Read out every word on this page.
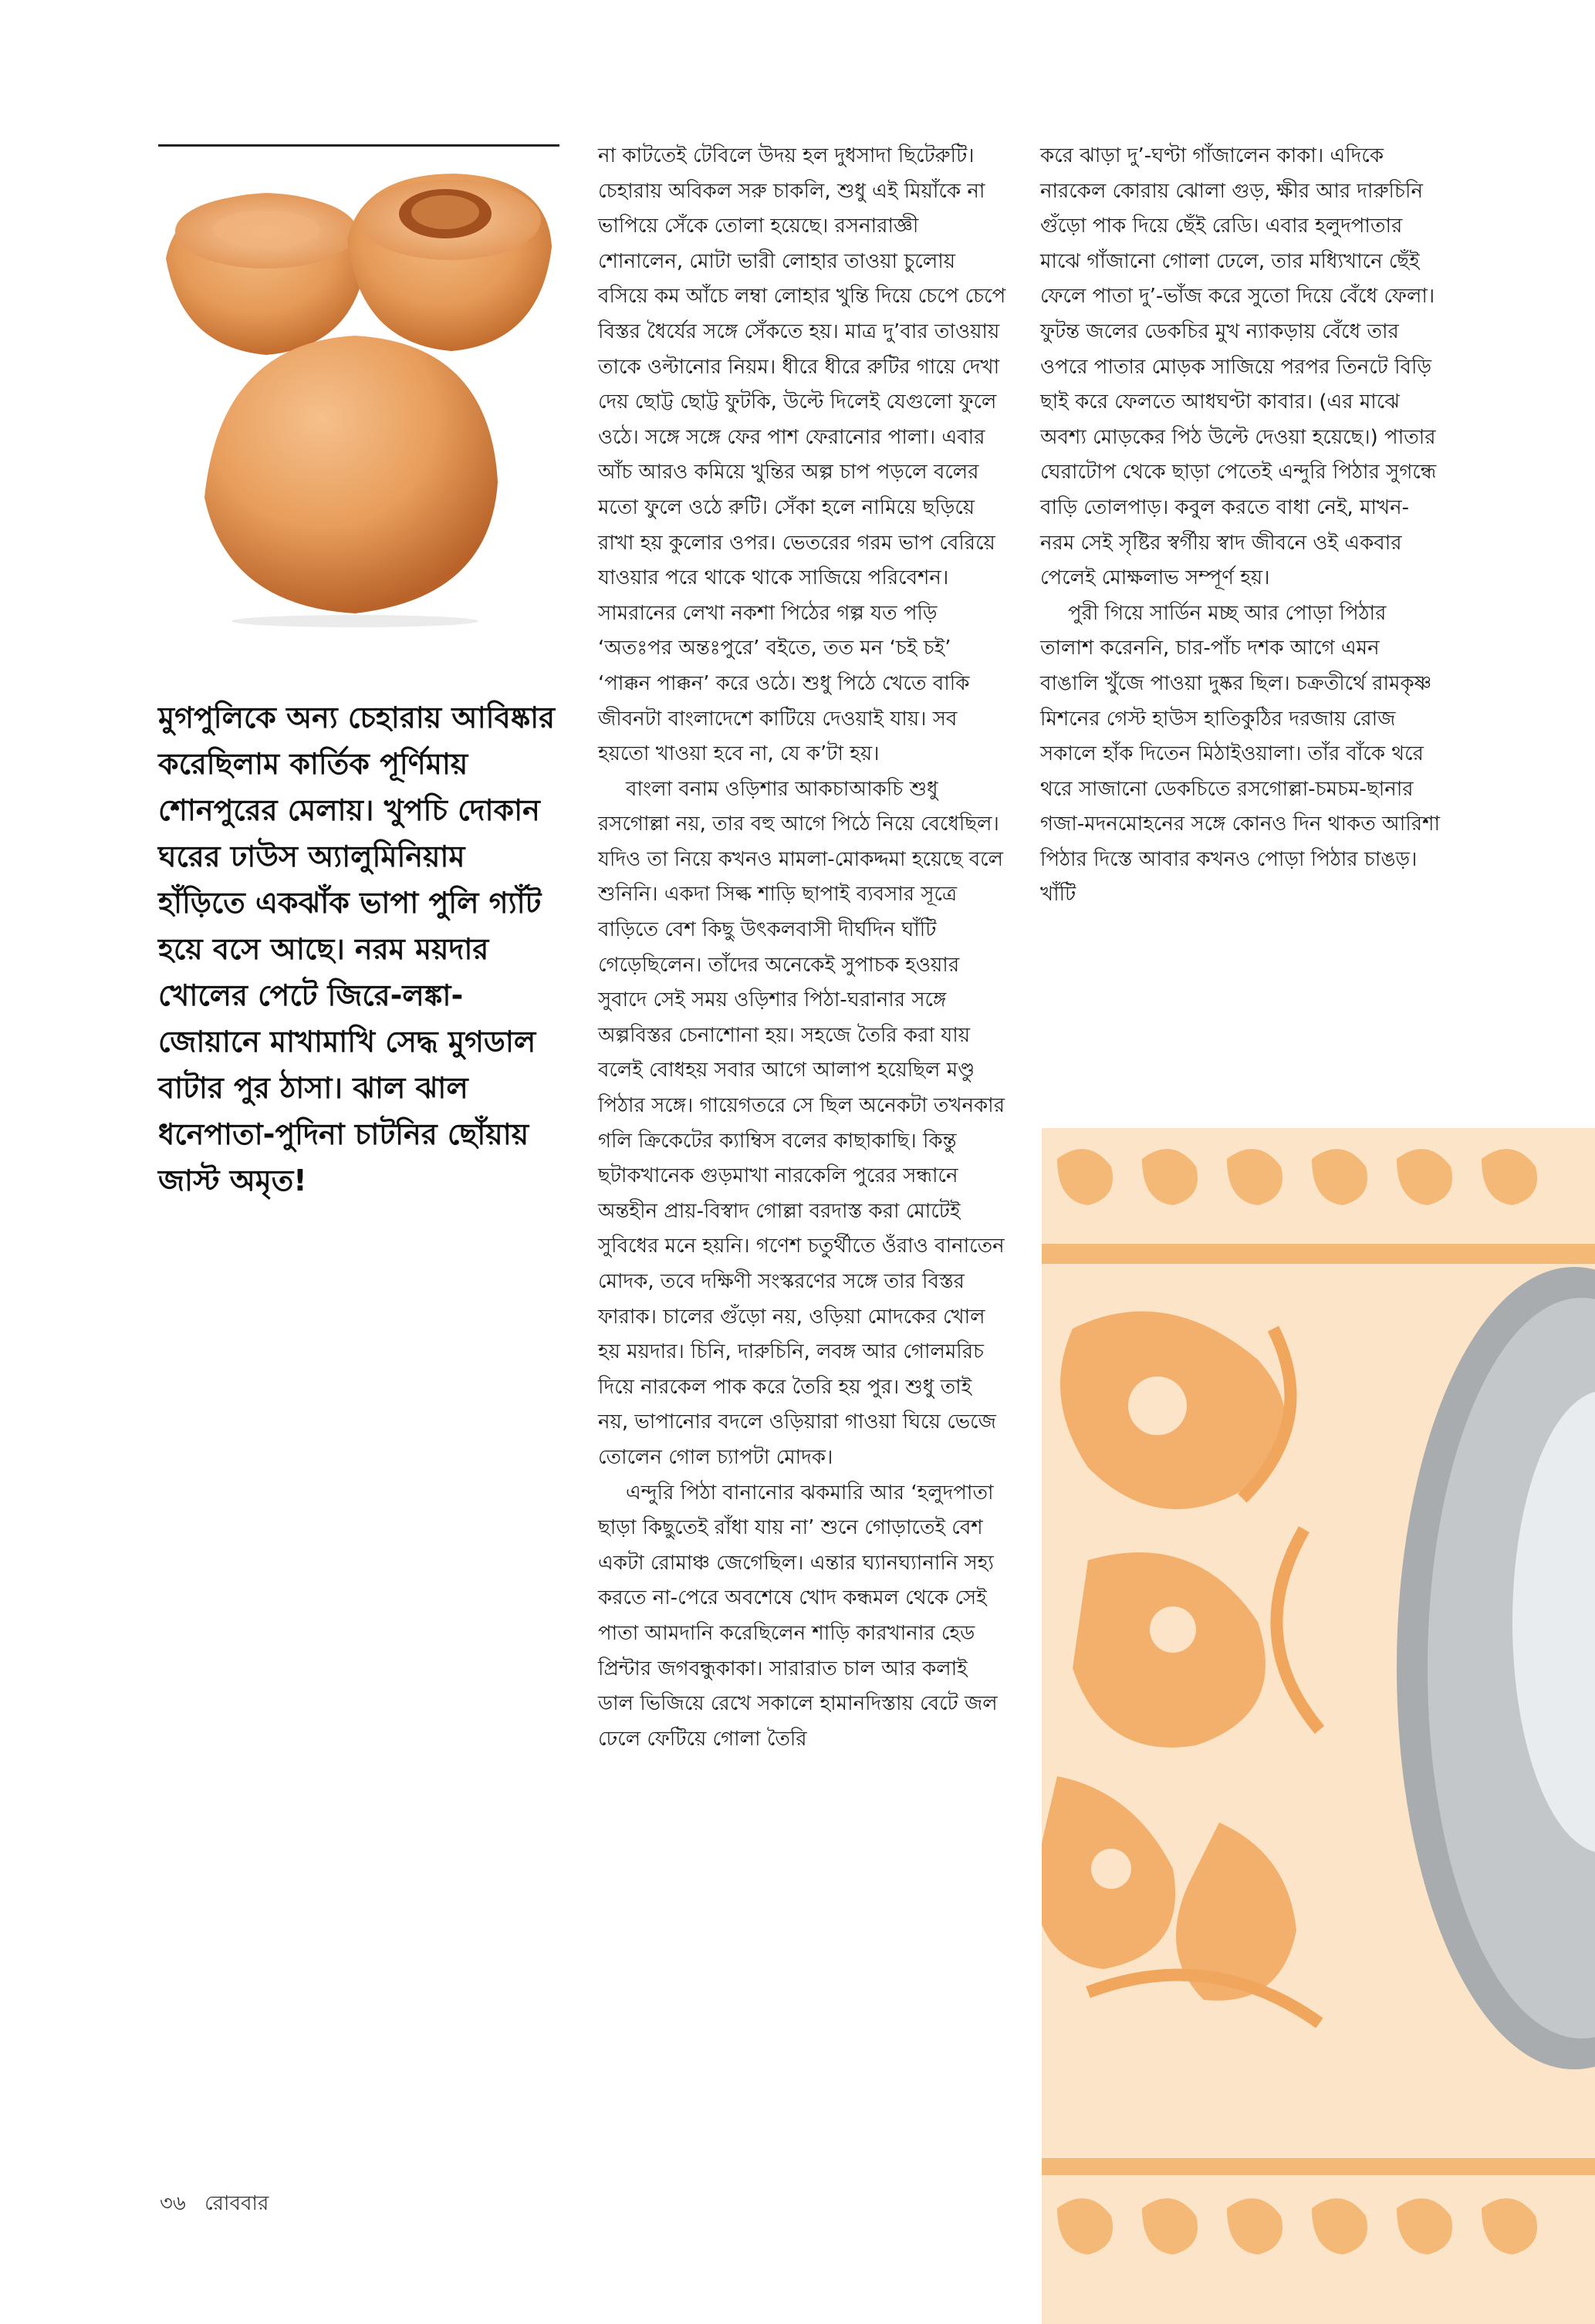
মুগপুলিকে অন্য চেহারায় আবিষ্কার করেছিলাম কার্তিক পূর্ণিমায় শোনপুরের মেলায়। খুপচি দোকান ঘরের ঢাউস অ্যালুমিনিয়াম হাঁড়িতে একঝাঁক ভাপা পুলি গ্যাঁট হয়ে বসে আছে। নরম ময়দার খোলের পেটে জিরে-লঙ্কা-জোয়ানে মাখামাখি সেদ্ধ মুগডাল বাটার পুর ঠাসা। ঝাল ঝাল ধনেপাতা-পুদিনা চাটনির ছোঁয়ায় জাস্ট অমৃত!

না কাটতেই টেবিলে উদয় হল দুধসাদা ছিটেরুটি। চেহারায় অবিকল সরু চাকলি, শুধু এই মিয়াঁকে না ভাপিয়ে সেঁকে তোলা হয়েছে। রসনারাজ্ঞী শোনালেন, মোটা ভারী লোহার তাওয়া চুলোয় বসিয়ে কম আঁচে লম্বা লোহার খুন্তি দিয়ে চেপে চেপে বিস্তর ধৈর্যের সঙ্গে সেঁকতে হয়। মাত্র দু’বার তাওয়ায় তাকে ওল্টানোর নিয়ম। ধীরে ধীরে রুটির গায়ে দেখা দেয় ছোট্ট ছোট্ট ফুটকি, উল্টে দিলেই যেগুলো ফুলে ওঠে। সঙ্গে সঙ্গে ফের পাশ ফেরানোর পালা। এবার আঁচ আরও কমিয়ে খুন্তির অল্প চাপ পড়লে বলের মতো ফুলে ওঠে রুটি। সেঁকা হলে নামিয়ে ছড়িয়ে রাখা হয় কুলোর ওপর। ভেতরের গরম ভাপ বেরিয়ে যাওয়ার পরে থাকে থাকে সাজিয়ে পরিবেশন। সামরানের লেখা নকশা পিঠের গল্প যত পড়ি ‘অতঃপর অন্তঃপুরে’ বইতে, তত মন ‘চই চই’ ‘পাক্কন পাক্কন’ করে ওঠে। শুধু পিঠে খেতে বাকি জীবনটা বাংলাদেশে কাটিয়ে দেওয়াই যায়। সব হয়তো খাওয়া হবে না, যে ক’টা হয়।

বাংলা বনাম ওড়িশার আকচাআকচি শুধু রসগোল্লা নয়, তার বহু আগে পিঠে নিয়ে বেধেছিল। যদিও তা নিয়ে কখনও মামলা-মোকদ্দমা হয়েছে বলে শুনিনি। একদা সিল্ক শাড়ি ছাপাই ব্যবসার সূত্রে বাড়িতে বেশ কিছু উৎকলবাসী দীর্ঘদিন ঘাঁটি গেড়েছিলেন। তাঁদের অনেকেই সুপাচক হওয়ার সুবাদে সেই সময় ওড়িশার পিঠা-ঘরানার সঙ্গে অল্পবিস্তর চেনাশোনা হয়। সহজে তৈরি করা যায় বলেই বোধহয় সবার আগে আলাপ হয়েছিল মণ্ডু পিঠার সঙ্গে। গায়েগতরে সে ছিল অনেকটা তখনকার গলি ক্রিকেটের ক্যাম্বিস বলের কাছাকাছি। কিন্তু ছটাকখানেক গুড়মাখা নারকেলি পুরের সন্ধানে অন্তহীন প্রায়-বিস্বাদ গোল্লা বরদাস্ত করা মোটেই সুবিধের মনে হয়নি। গণেশ চতুর্থীতে ওঁরাও বানাতেন মোদক, তবে দক্ষিণী সংস্করণের সঙ্গে তার বিস্তর ফারাক। চালের গুঁড়ো নয়, ওড়িয়া মোদকের খোল হয় ময়দার। চিনি, দারুচিনি, লবঙ্গ আর গোলমরিচ দিয়ে নারকেল পাক করে তৈরি হয় পুর। শুধু তাই নয়, ভাপানোর বদলে ওড়িয়ারা গাওয়া ঘিয়ে ভেজে তোলেন গোল চ্যাপটা মোদক।

এন্দুরি পিঠা বানানোর ঝকমারি আর ‘হলুদপাতা ছাড়া কিছুতেই রাঁধা যায় না’ শুনে গোড়াতেই বেশ একটা রোমাঞ্চ জেগেছিল। এন্তার ঘ্যানঘ্যানানি সহ্য করতে না-পেরে অবশেষে খোদ কন্ধমল থেকে সেই পাতা আমদানি করেছিলেন শাড়ি কারখানার হেড প্রিন্টার জগবন্ধুকাকা। সারারাত চাল আর কলাই ডাল ভিজিয়ে রেখে সকালে হামানদিস্তায় বেটে জল ঢেলে ফেটিয়ে গোলা তৈরি

করে ঝাড়া দু’-ঘণ্টা গাঁজালেন কাকা। এদিকে নারকেল কোরায় ঝোলা গুড়, ক্ষীর আর দারুচিনি গুঁড়ো পাক দিয়ে ছেঁই রেডি। এবার হলুদপাতার মাঝে গাঁজানো গোলা ঢেলে, তার মধ্যিখানে ছেঁই ফেলে পাতা দু’-ভাঁজ করে সুতো দিয়ে বেঁধে ফেলা। ফুটন্ত জলের ডেকচির মুখ ন্যাকড়ায় বেঁধে তার ওপরে পাতার মোড়ক সাজিয়ে পরপর তিনটে বিড়ি ছাই করে ফেলতে আধঘণ্টা কাবার। (এর মাঝে অবশ্য মোড়কের পিঠ উল্টে দেওয়া হয়েছে।) পাতার ঘেরাটোপ থেকে ছাড়া পেতেই এন্দুরি পিঠার সুগন্ধে বাড়ি তোলপাড়। কবুল করতে বাধা নেই, মাখন-নরম সেই সৃষ্টির স্বর্গীয় স্বাদ জীবনে ওই একবার পেলেই মোক্ষলাভ সম্পূর্ণ হয়।

পুরী গিয়ে সার্ডিন মচ্ছ আর পোড়া পিঠার তালাশ করেননি, চার-পাঁচ দশক আগে এমন বাঙালি খুঁজে পাওয়া দুষ্কর ছিল। চক্রতীর্থে রামকৃষ্ণ মিশনের গেস্ট হাউস হাতিকুঠির দরজায় রোজ সকালে হাঁক দিতেন মিঠাইওয়ালা। তাঁর বাঁকে থরে থরে সাজানো ডেকচিতে রসগোল্লা-চমচম-ছানার গজা-মদনমোহনের সঙ্গে কোনও দিন থাকত আরিশা পিঠার দিস্তে আবার কখনও পোড়া পিঠার চাঙড়। খাঁটি

৩৬ রোববার
